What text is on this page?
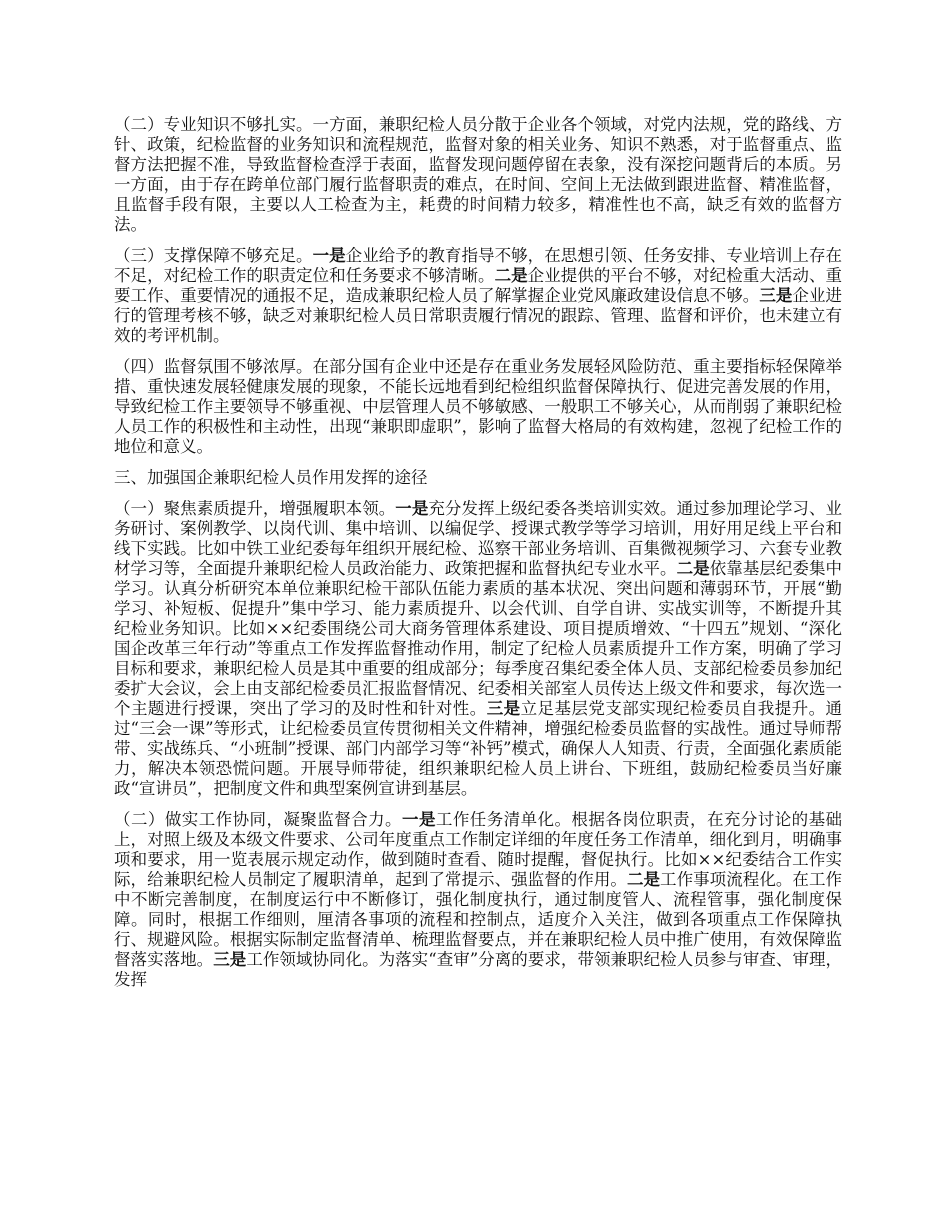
（二）专业知识不够扎实。一方面，兼职纪检人员分散于企业各个领域，对党内法规，党的路线、方针、政策，纪检监督的业务知识和流程规范，监督对象的相关业务、知识不熟悉，对于监督重点、监督方法把握不准，导致监督检查浮于表面，监督发现问题停留在表象，没有深挖问题背后的本质。另一方面，由于存在跨单位部门履行监督职责的难点，在时间、空间上无法做到跟进监督、精准监督，且监督手段有限，主要以人工检查为主，耗费的时间精力较多，精准性也不高，缺乏有效的监督方法。

（三）支撑保障不够充足。一是企业给予的教育指导不够，在思想引领、任务安排、专业培训上存在不足，对纪检工作的职责定位和任务要求不够清晰。二是企业提供的平台不够，对纪检重大活动、重要工作、重要情况的通报不足，造成兼职纪检人员了解掌握企业党风廉政建设信息不够。三是企业进行的管理考核不够，缺乏对兼职纪检人员日常职责履行情况的跟踪、管理、监督和评价，也未建立有效的考评机制。

（四）监督氛围不够浓厚。在部分国有企业中还是存在重业务发展轻风险防范、重主要指标轻保障举措、重快速发展轻健康发展的现象，不能长远地看到纪检组织监督保障执行、促进完善发展的作用，导致纪检工作主要领导不够重视、中层管理人员不够敏感、一般职工不够关心，从而削弱了兼职纪检人员工作的积极性和主动性，出现“兼职即虚职”，影响了监督大格局的有效构建，忽视了纪检工作的地位和意义。

三、加强国企兼职纪检人员作用发挥的途径

（一）聚焦素质提升，增强履职本领。一是充分发挥上级纪委各类培训实效。通过参加理论学习、业务研讨、案例教学、以岗代训、集中培训、以编促学、授课式教学等学习培训，用好用足线上平台和线下实践。比如中铁工业纪委每年组织开展纪检、巡察干部业务培训、百集微视频学习、六套专业教材学习等，全面提升兼职纪检人员政治能力、政策把握和监督执纪专业水平。二是依靠基层纪委集中学习。认真分析研究本单位兼职纪检干部队伍能力素质的基本状况、突出问题和薄弱环节，开展“勤学习、补短板、促提升”集中学习、能力素质提升、以会代训、自学自讲、实战实训等，不断提升其纪检业务知识。比如××纪委围绕公司大商务管理体系建设、项目提质增效、“十四五”规划、“深化国企改革三年行动”等重点工作发挥监督推动作用，制定了纪检人员素质提升工作方案，明确了学习目标和要求，兼职纪检人员是其中重要的组成部分；每季度召集纪委全体人员、支部纪检委员参加纪委扩大会议，会上由支部纪检委员汇报监督情况、纪委相关部室人员传达上级文件和要求，每次选一个主题进行授课，突出了学习的及时性和针对性。三是立足基层党支部实现纪检委员自我提升。通过“三会一课”等形式，让纪检委员宣传贯彻相关文件精神，增强纪检委员监督的实战性。通过导师帮带、实战练兵、“小班制”授课、部门内部学习等“补钙”模式，确保人人知责、行责，全面强化素质能力，解决本领恐慌问题。开展导师带徒，组织兼职纪检人员上讲台、下班组，鼓励纪检委员当好廉政“宣讲员”，把制度文件和典型案例宣讲到基层。

（二）做实工作协同，凝聚监督合力。一是工作任务清单化。根据各岗位职责，在充分讨论的基础上，对照上级及本级文件要求、公司年度重点工作制定详细的年度任务工作清单，细化到月，明确事项和要求，用一览表展示规定动作，做到随时查看、随时提醒，督促执行。比如××纪委结合工作实际，给兼职纪检人员制定了履职清单，起到了常提示、强监督的作用。二是工作事项流程化。在工作中不断完善制度，在制度运行中不断修订，强化制度执行，通过制度管人、流程管事，强化制度保障。同时，根据工作细则，厘清各事项的流程和控制点，适度介入关注，做到各项重点工作保障执行、规避风险。根据实际制定监督清单、梳理监督要点，并在兼职纪检人员中推广使用，有效保障监督落实落地。三是工作领域协同化。为落实“查审”分离的要求，带领兼职纪检人员参与审查、审理，发挥
